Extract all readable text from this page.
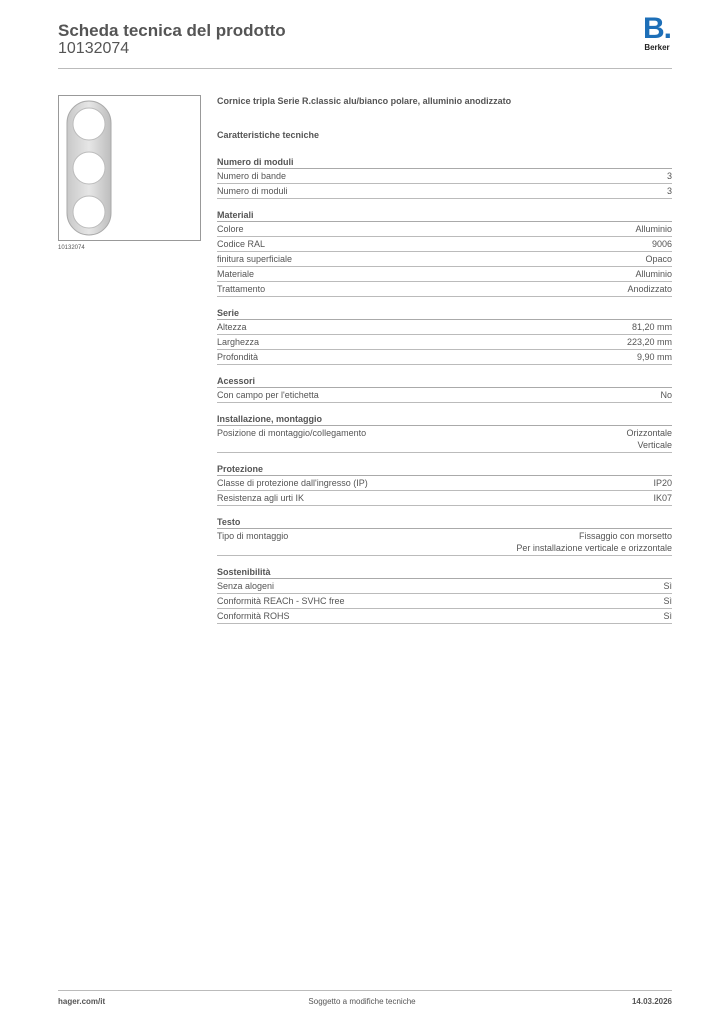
Scheda tecnica del prodotto
10132074
B.
Berker
10132074
Cornice tripla Serie R.classic alu/bianco polare, alluminio anodizzato
Caratteristiche tecniche
Numero di moduli
Numero di bande	3
Numero di moduli	3
Materiali
Colore	Alluminio
Codice RAL	9006
finitura superficiale	Opaco
Materiale	Alluminio
Trattamento	Anodizzato
Serie
Altezza	81,20 mm
Larghezza	223,20 mm
Profondità	9,90 mm
Acessori
Con campo per l'etichetta	No
Installazione, montaggio
Posizione di montaggio/collegamento	Orizzontale
Verticale
Protezione
Classe di protezione dall'ingresso (IP)	IP20
Resistenza agli urti IK	IK07
Testo
Tipo di montaggio	Fissaggio con morsetto
Per installazione verticale e orizzontale
Sostenibilità
Senza alogeni	Sì
Conformità REACh - SVHC free	Sì
Conformità ROHS	Sì
hager.com/it	Soggetto a modifiche tecniche	14.03.2026
